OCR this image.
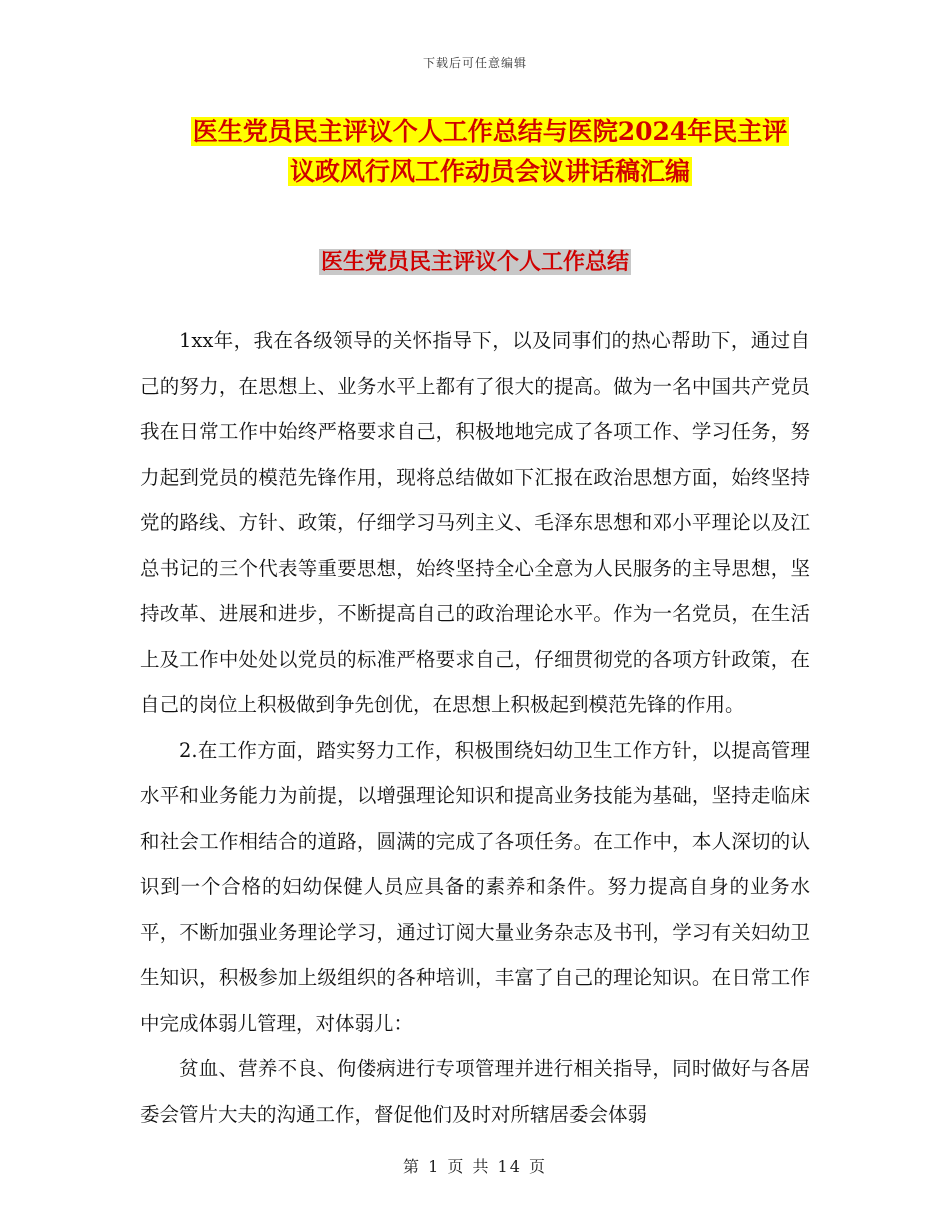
下载后可任意编辑
医生党员民主评议个人工作总结与医院2024年民主评
议政风行风工作动员会议讲话稿汇编
医生党员民主评议个人工作总结

1xx年，我在各级领导的关怀指导下，以及同事们的热心帮助下，通过自己的努力，在思想上、业务水平上都有了很大的提高。做为一名中国共产党员我在日常工作中始终严格要求自己，积极地地完成了各项工作、学习任务，努力起到党员的模范先锋作用，现将总结做如下汇报在政治思想方面，始终坚持党的路线、方针、政策，仔细学习马列主义、毛泽东思想和邓小平理论以及江总书记的三个代表等重要思想，始终坚持全心全意为人民服务的主导思想，坚持改革、进展和进步，不断提高自己的政治理论水平。作为一名党员，在生活上及工作中处处以党员的标准严格要求自己，仔细贯彻党的各项方针政策，在自己的岗位上积极做到争先创优，在思想上积极起到模范先锋的作用。

2.在工作方面，踏实努力工作，积极围绕妇幼卫生工作方针，以提高管理水平和业务能力为前提，以增强理论知识和提高业务技能为基础，坚持走临床和社会工作相结合的道路，圆满的完成了各项任务。在工作中，本人深切的认识到一个合格的妇幼保健人员应具备的素养和条件。努力提高自身的业务水平，不断加强业务理论学习，通过订阅大量业务杂志及书刊，学习有关妇幼卫生知识，积极参加上级组织的各种培训，丰富了自己的理论知识。在日常工作中完成体弱儿管理，对体弱儿：

贫血、营养不良、佝偻病进行专项管理并进行相关指导，同时做好与各居委会管片大夫的沟通工作，督促他们及时对所辖居委会体弱

第 1 页 共 14 页
